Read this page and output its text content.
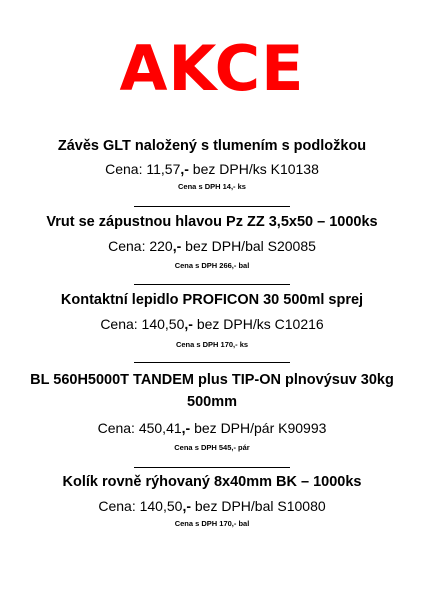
AKCE
Závěs GLT naložený s tlumením s podložkou
Cena: 11,57,- bez DPH/ks K10138
Cena s DPH 14,- ks
Vrut se zápustnou hlavou Pz ZZ 3,5x50 – 1000ks
Cena: 220,- bez DPH/bal S20085
Cena s DPH 266,- bal
Kontaktní lepidlo PROFICON 30 500ml sprej
Cena: 140,50,- bez DPH/ks C10216
Cena s DPH 170,- ks
BL 560H5000T TANDEM plus TIP-ON plnovýsuv 30kg
500mm
Cena: 450,41,- bez DPH/pár K90993
Cena s DPH 545,- pár
Kolík rovně rýhovaný 8x40mm BK – 1000ks
Cena: 140,50,- bez DPH/bal S10080
Cena s DPH 170,- bal
